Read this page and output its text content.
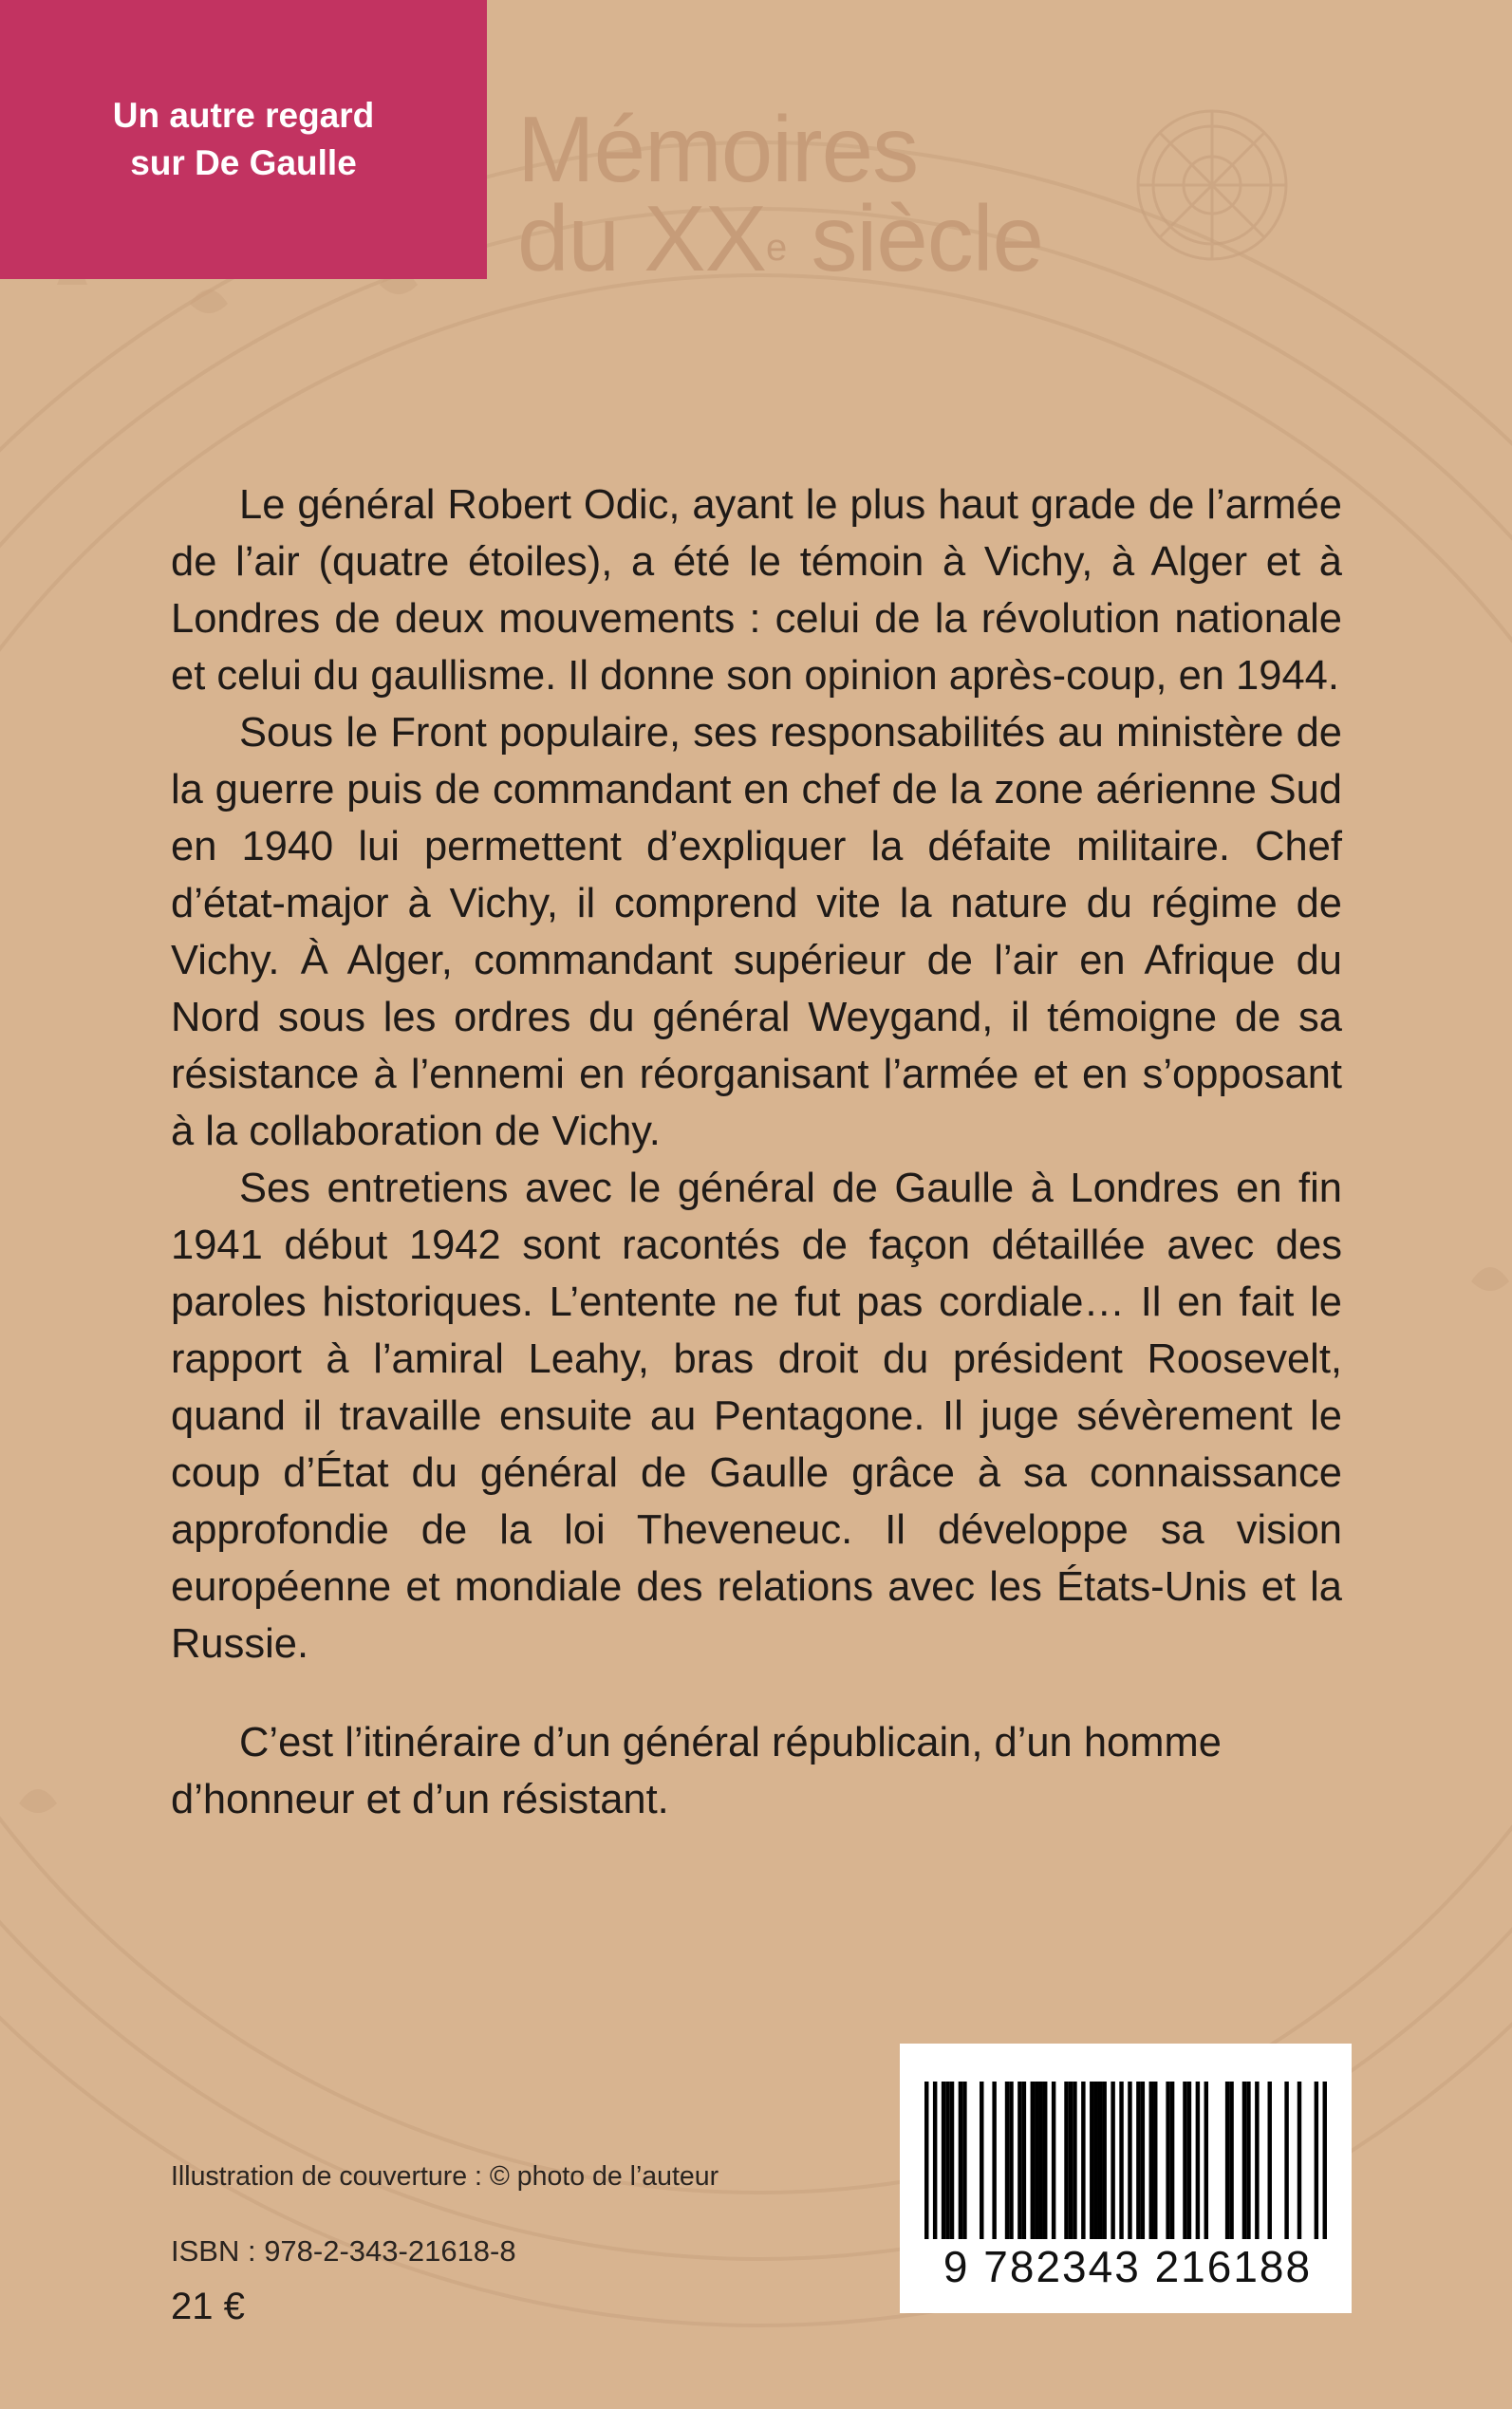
Un autre regard
sur De Gaulle Mémoires
du XXe siècle

Le général Robert Odic, ayant le plus haut grade de l’armée de l’air (quatre étoiles), a été le témoin à Vichy, à Alger et à Londres de deux mouvements : celui de la révolution nationale et celui du gaullisme. Il donne son opinion après-coup, en 1944.

Sous le Front populaire, ses responsabilités au ministère de la guerre puis de commandant en chef de la zone aérienne Sud en 1940 lui permettent d’expliquer la défaite militaire. Chef d’état-major à Vichy, il comprend vite la nature du régime de Vichy. À Alger, commandant supérieur de l’air en Afrique du Nord sous les ordres du général Weygand, il témoigne de sa résistance à l’ennemi en réorganisant l’armée et en s’opposant à la collaboration de Vichy.

Ses entretiens avec le général de Gaulle à Londres en fin 1941 début 1942 sont racontés de façon détaillée avec des paroles historiques. L’entente ne fut pas cordiale… Il en fait le rapport à l’amiral Leahy, bras droit du président Roosevelt, quand il travaille ensuite au Pentagone. Il juge sévèrement le coup d’État du général de Gaulle grâce à sa connaissance approfondie de la loi Theveneuc. Il développe sa vision européenne et mondiale des relations avec les États-Unis et la Russie.

C’est l’itinéraire d’un général républicain, d’un homme d’honneur et d’un résistant.

Illustration de couverture : © photo de l’auteur
ISBN : 978-2-343-21618-8
21 €
9 782343 216188
